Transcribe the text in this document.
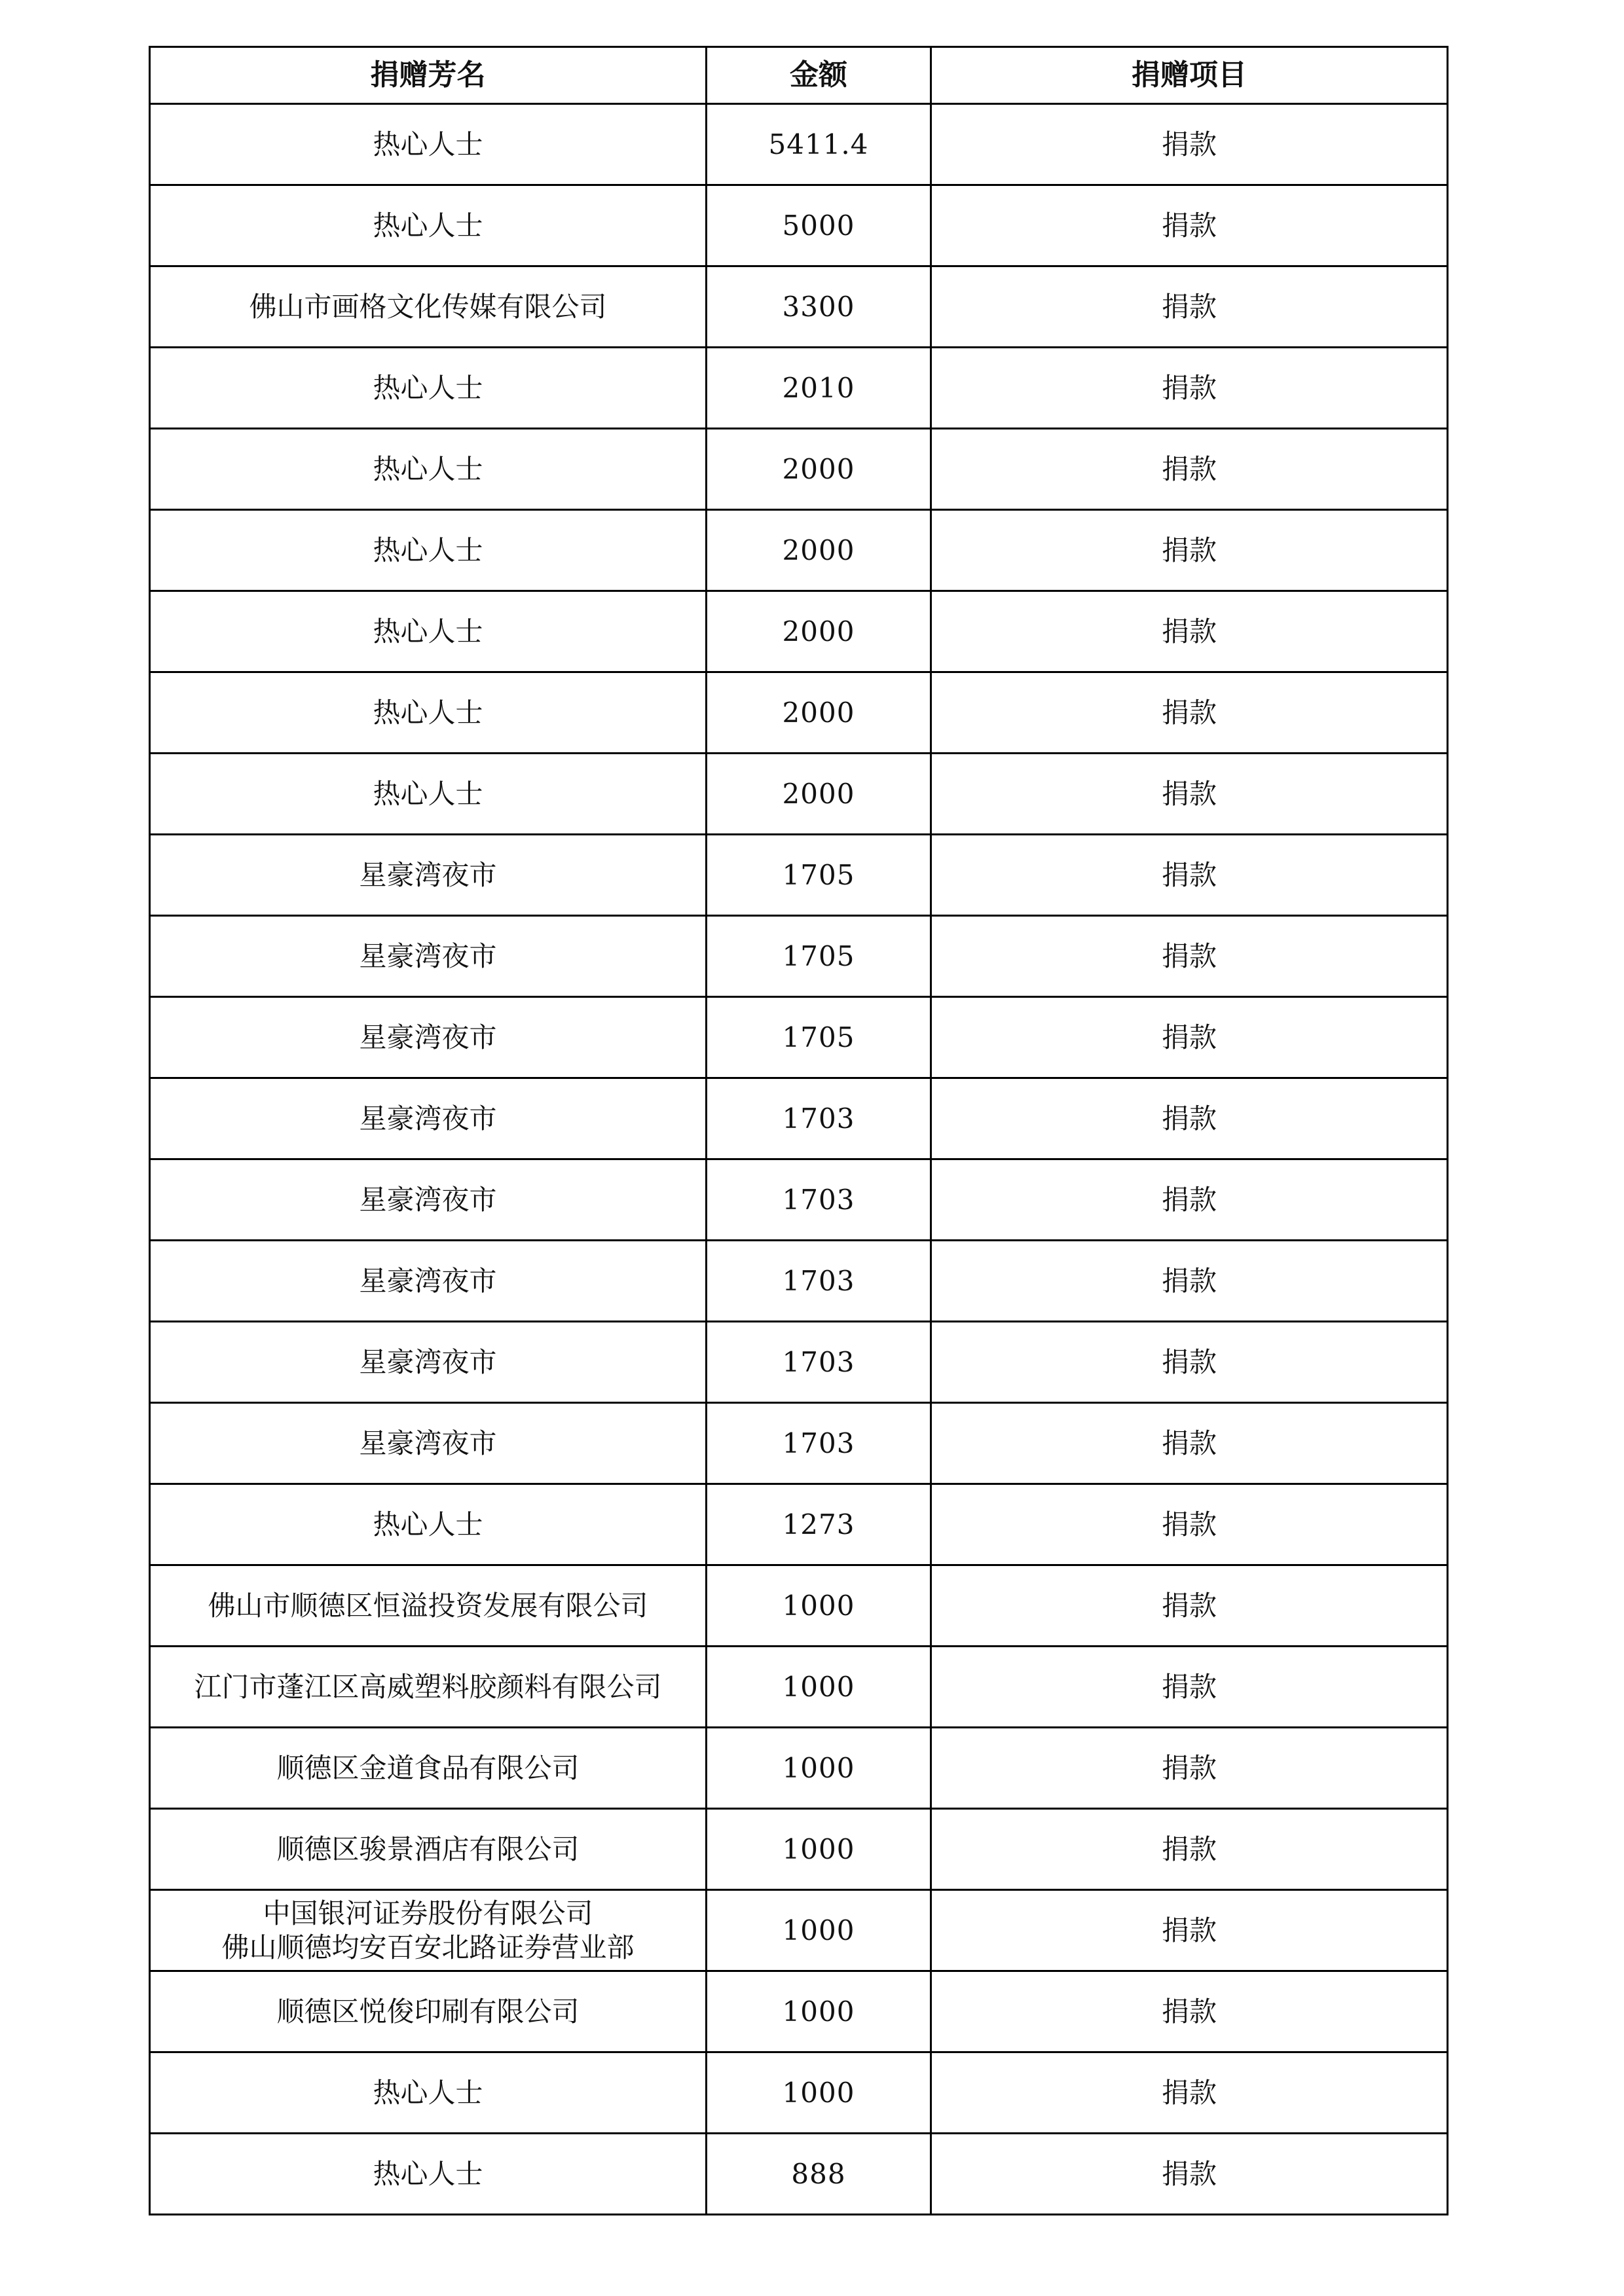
捐赠芳名	金额	捐赠项目

热心人士	5411.4	捐款

热心人士	5000	捐款

佛山市画格文化传媒有限公司	3300	捐款

热心人士	2010	捐款

热心人士	2000	捐款

热心人士	2000	捐款

热心人士	2000	捐款

热心人士	2000	捐款

热心人士	2000	捐款

星豪湾夜市	1705	捐款

星豪湾夜市	1705	捐款

星豪湾夜市	1705	捐款

星豪湾夜市	1703	捐款

星豪湾夜市	1703	捐款

星豪湾夜市	1703	捐款

星豪湾夜市	1703	捐款

星豪湾夜市	1703	捐款

热心人士	1273	捐款

佛山市顺德区恒溢投资发展有限公司	1000	捐款

江门市蓬江区高威塑料胶颜料有限公司	1000	捐款

顺德区金道食品有限公司	1000	捐款

顺德区骏景酒店有限公司	1000	捐款

中国银河证券股份有限公司
佛山顺德均安百安北路证券营业部	1000	捐款

顺德区悦俊印刷有限公司	1000	捐款

热心人士	1000	捐款

热心人士	888	捐款
